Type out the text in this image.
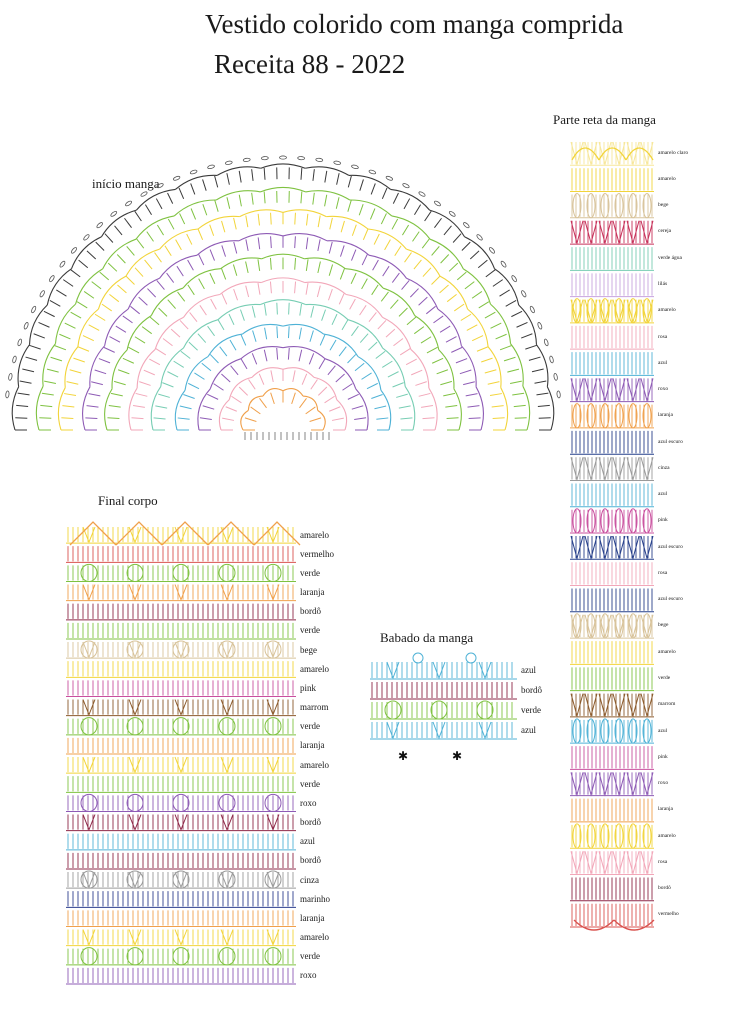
Vestido colorido com manga comprida
Receita 88 - 2022
início manga
Final corpo
Babado da manga
Parte reta da manga
amarelo
vermelho
verde
laranja
bordô
verde
bege
amarelo
pink
marrom
verde
laranja
amarelo
verde
roxo
bordô
azul
bordô
cinza
marinho
laranja
amarelo
verde
roxo
✱	✱
azul
bordô
verde
azul
amarelo claro
amarelo
bege
cereja
verde água
lilás
amarelo
rosa
azul
roxo
laranja
azul escuro
cinza
azul
pink
azul escuro
rosa
azul escuro
bege
amarelo
verde
marrom
azul
pink
roxo
laranja
amarelo
rosa
bordô
vermelho
